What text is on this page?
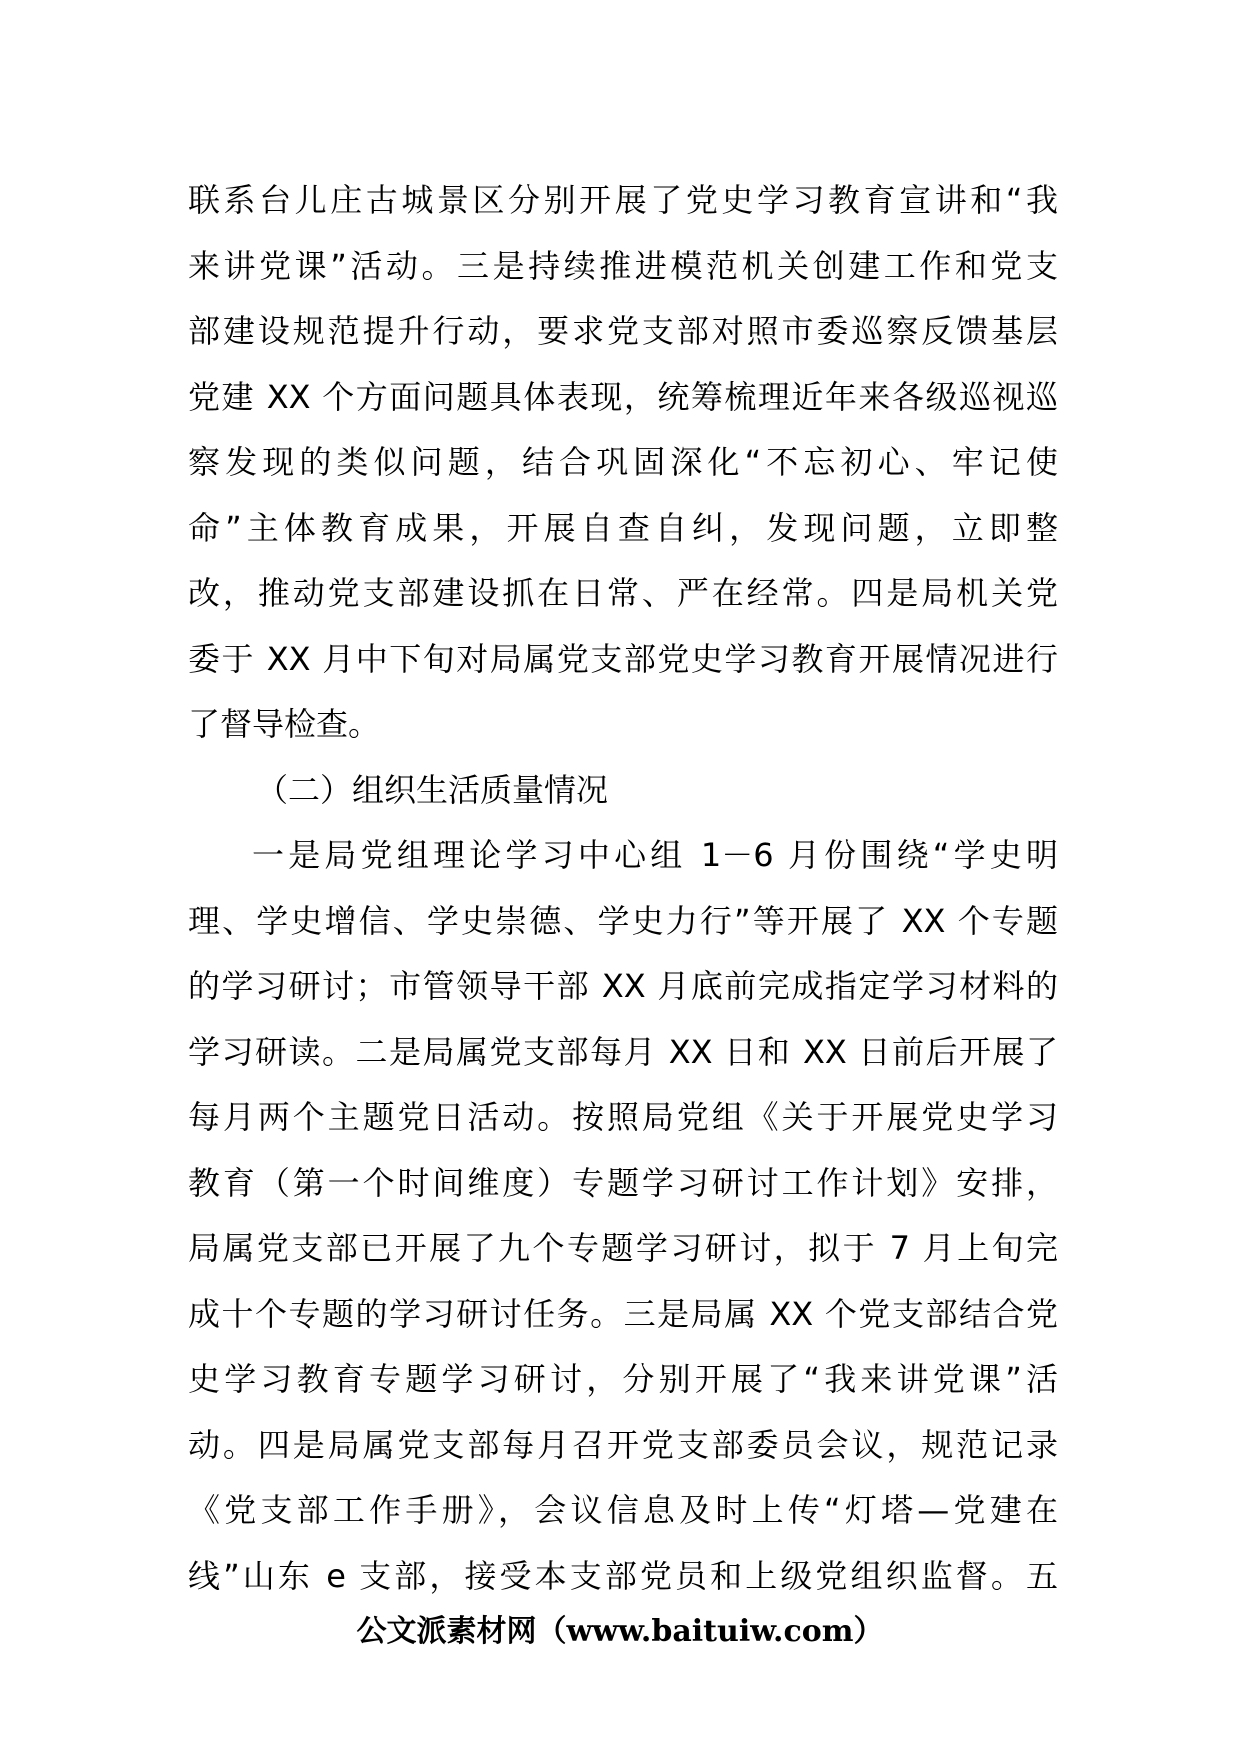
联系台儿庄古城景区分别开展了党史学习教育宣讲和“我
来讲党课”活动。三是持续推进模范机关创建工作和党支
部建设规范提升行动，要求党支部对照市委巡察反馈基层
党建 XX 个方面问题具体表现，统筹梳理近年来各级巡视巡
察发现的类似问题，结合巩固深化“不忘初心、牢记使
命”主体教育成果，开展自查自纠，发现问题，立即整
改，推动党支部建设抓在日常、严在经常。四是局机关党
委于 XX 月中下旬对局属党支部党史学习教育开展情况进行
了督导检查。

（二）组织生活质量情况

一是局党组理论学习中心组 1－6 月份围绕“学史明
理、学史增信、学史崇德、学史力行”等开展了 XX 个专题
的学习研讨；市管领导干部 XX 月底前完成指定学习材料的
学习研读。二是局属党支部每月 XX 日和 XX 日前后开展了
每月两个主题党日活动。按照局党组《关于开展党史学习
教育（第一个时间维度）专题学习研讨工作计划》安排，
局属党支部已开展了九个专题学习研讨，拟于 7 月上旬完
成十个专题的学习研讨任务。三是局属 XX 个党支部结合党
史学习教育专题学习研讨，分别开展了“我来讲党课”活
动。四是局属党支部每月召开党支部委员会议，规范记录
《党支部工作手册》，会议信息及时上传“灯塔—党建在
线”山东 e 支部，接受本支部党员和上级党组织监督。五

公文派素材网（www.baituiw.com）
